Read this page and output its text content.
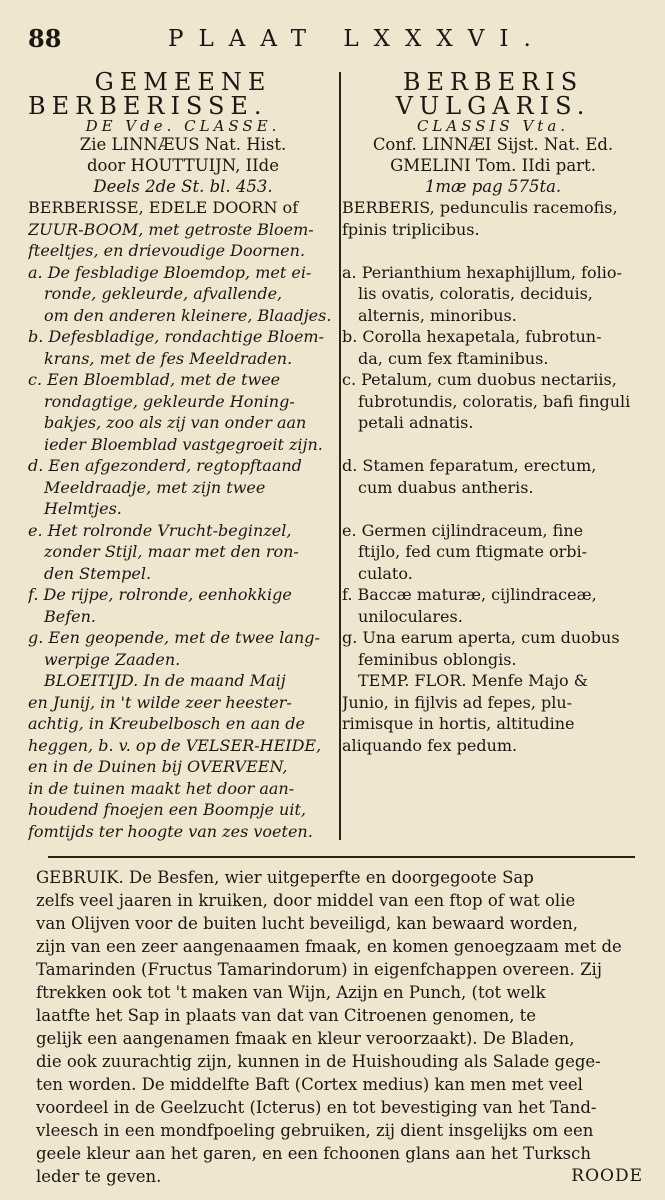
88	PLAAT LXXXVI.
GEMEENE
BERBERISSE.
DE Vde. CLASSE.
Zie LINNÆUS Nat. Hist.
door HOUTTUIJN, IIde
Deels 2de St. bl. 453.
BERBERISSE, EDELE DOORN of
ZUUR-BOOM, met getroste Bloem-
fteeltjes, en drievoudige Doornen.
a. De fesbladige Bloemdop, met ei-
ronde, gekleurde, afvallende,
om den anderen kleinere, Blaadjes.
b. Defesbladige, rondachtige Bloem-
krans, met de fes Meeldraden.
c. Een Bloemblad, met de twee
rondagtige, gekleurde Honing-
bakjes, zoo als zij van onder aan
ieder Bloemblad vastgegroeit zijn.
d. Een afgezonderd, regtopftaand
Meeldraadje, met zijn twee
Helmtjes.
e. Het rolronde Vrucht-beginzel,
zonder Stijl, maar met den ron-
den Stempel.
f. De rijpe, rolronde, eenhokkige
Befen.
g. Een geopende, met de twee lang-
werpige Zaaden.
BLOEITIJD. In de maand Maij
en Junij, in 't wilde zeer heester-
achtig, in Kreubelbosch en aan de
heggen, b. v. op de VELSER-HEIDE,
en in de Duinen bij OVERVEEN,
in de tuinen maakt het door aan-
houdend fnoejen een Boompje uit,
fomtijds ter hoogte van zes voeten.
BERBERIS
VULGARIS.
CLASSIS Vta.
Conf. LINNÆI Sijst. Nat. Ed.
GMELINI Tom. IIdi part.
1mæ pag 575ta.
BERBERIS, pedunculis racemofis,
fpinis triplicibus.

a. Perianthium hexaphijllum, folio-
lis ovatis, coloratis, deciduis,
alternis, minoribus.
b. Corolla hexapetala, fubrotun-
da, cum fex ftaminibus.
c. Petalum, cum duobus nectariis,
fubrotundis, coloratis, bafi finguli
petali adnatis.

d. Stamen feparatum, erectum,
cum duabus antheris.

e. Germen cijlindraceum, fine
ftijlo, fed cum ftigmate orbi-
culato.
f. Baccæ maturæ, cijlindraceæ,
uniloculares.
g. Una earum aperta, cum duobus
feminibus oblongis.
TEMP. FLOR. Menfe Majo &
Junio, in fijlvis ad fepes, plu-
rimisque in hortis, altitudine
aliquando fex pedum.
GEBRUIK. De Besfen, wier uitgeperfte en doorgegoote Sap
zelfs veel jaaren in kruiken, door middel van een ftop of wat olie
van Olijven voor de buiten lucht beveiligd, kan bewaard worden,
zijn van een zeer aangenaamen fmaak, en komen genoegzaam met de
Tamarinden (Fructus Tamarindorum) in eigenfchappen overeen. Zij
ftrekken ook tot 't maken van Wijn, Azijn en Punch, (tot welk
laatfte het Sap in plaats van dat van Citroenen genomen, te
gelijk een aangenamen fmaak en kleur veroorzaakt). De Bladen,
die ook zuurachtig zijn, kunnen in de Huishouding als Salade gege-
ten worden. De middelfte Baft (Cortex medius) kan men met veel
voordeel in de Geelzucht (Icterus) en tot bevestiging van het Tand-
vleesch in een mondfpoeling gebruiken, zij dient insgelijks om een
geele kleur aan het garen, en een fchoonen glans aan het Turksch
leder te geven.	ROODE
